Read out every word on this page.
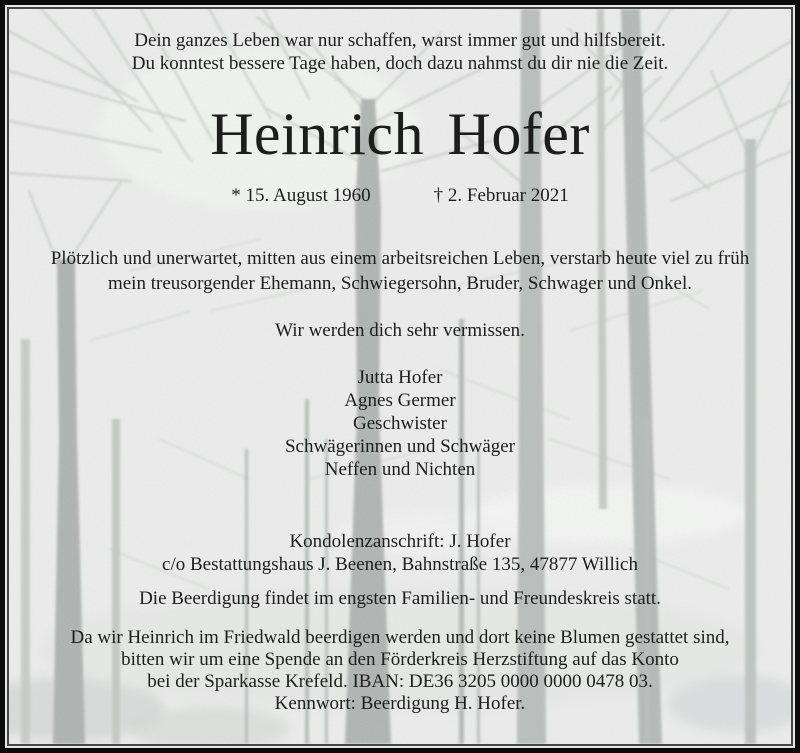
Dein ganzes Leben war nur schaffen, warst immer gut und hilfsbereit.
Du konntest bessere Tage haben, doch dazu nahmst du dir nie die Zeit.
Heinrich Hofer
* 15. August 1960	† 2. Februar 2021
Plötzlich und unerwartet, mitten aus einem arbeitsreichen Leben, verstarb heute viel zu früh
mein treusorgender Ehemann, Schwiegersohn, Bruder, Schwager und Onkel.
Wir werden dich sehr vermissen.
Jutta Hofer
Agnes Germer
Geschwister
Schwägerinnen und Schwäger
Neffen und Nichten
Kondolenzanschrift: J. Hofer
c/o Bestattungshaus J. Beenen, Bahnstraße 135, 47877 Willich
Die Beerdigung findet im engsten Familien- und Freundeskreis statt.
Da wir Heinrich im Friedwald beerdigen werden und dort keine Blumen gestattet sind,
bitten wir um eine Spende an den Förderkreis Herzstiftung auf das Konto
bei der Sparkasse Krefeld. IBAN: DE36 3205 0000 0000 0478 03.
Kennwort: Beerdigung H. Hofer.
